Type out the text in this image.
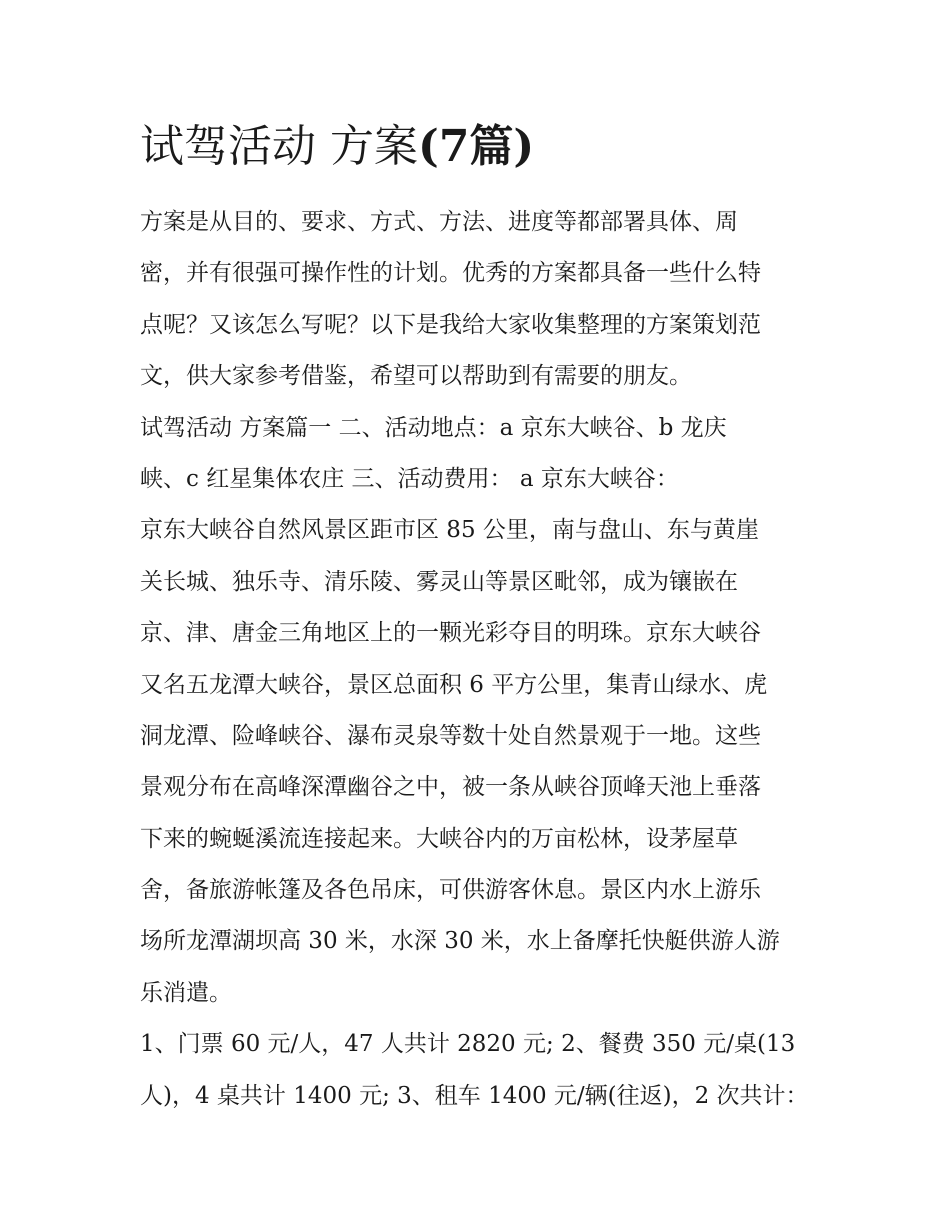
试驾活动 方案(7篇)
方案是从目的、要求、方式、方法、进度等都部署具体、周
密，并有很强可操作性的计划。优秀的方案都具备一些什么特
点呢？又该怎么写呢？以下是我给大家收集整理的方案策划范
文，供大家参考借鉴，希望可以帮助到有需要的朋友。
试驾活动 方案篇一 二、活动地点：a 京东大峡谷、b 龙庆
峡、c 红星集体农庄 三、活动费用： a 京东大峡谷：
京东大峡谷自然风景区距市区 85 公里，南与盘山、东与黄崖
关长城、独乐寺、清乐陵、雾灵山等景区毗邻，成为镶嵌在
京、津、唐金三角地区上的一颗光彩夺目的明珠。京东大峡谷
又名五龙潭大峡谷，景区总面积 6 平方公里，集青山绿水、虎
洞龙潭、险峰峡谷、瀑布灵泉等数十处自然景观于一地。这些
景观分布在高峰深潭幽谷之中，被一条从峡谷顶峰天池上垂落
下来的蜿蜒溪流连接起来。大峡谷内的万亩松林，设茅屋草
舍，备旅游帐篷及各色吊床，可供游客休息。景区内水上游乐
场所龙潭湖坝高 30 米，水深 30 米，水上备摩托快艇供游人游
乐消遣。
1、门票 60 元/人，47 人共计 2820 元; 2、餐费 350 元/桌(13
人)，4 桌共计 1400 元; 3、租车 1400 元/辆(往返)，2 次共计：
